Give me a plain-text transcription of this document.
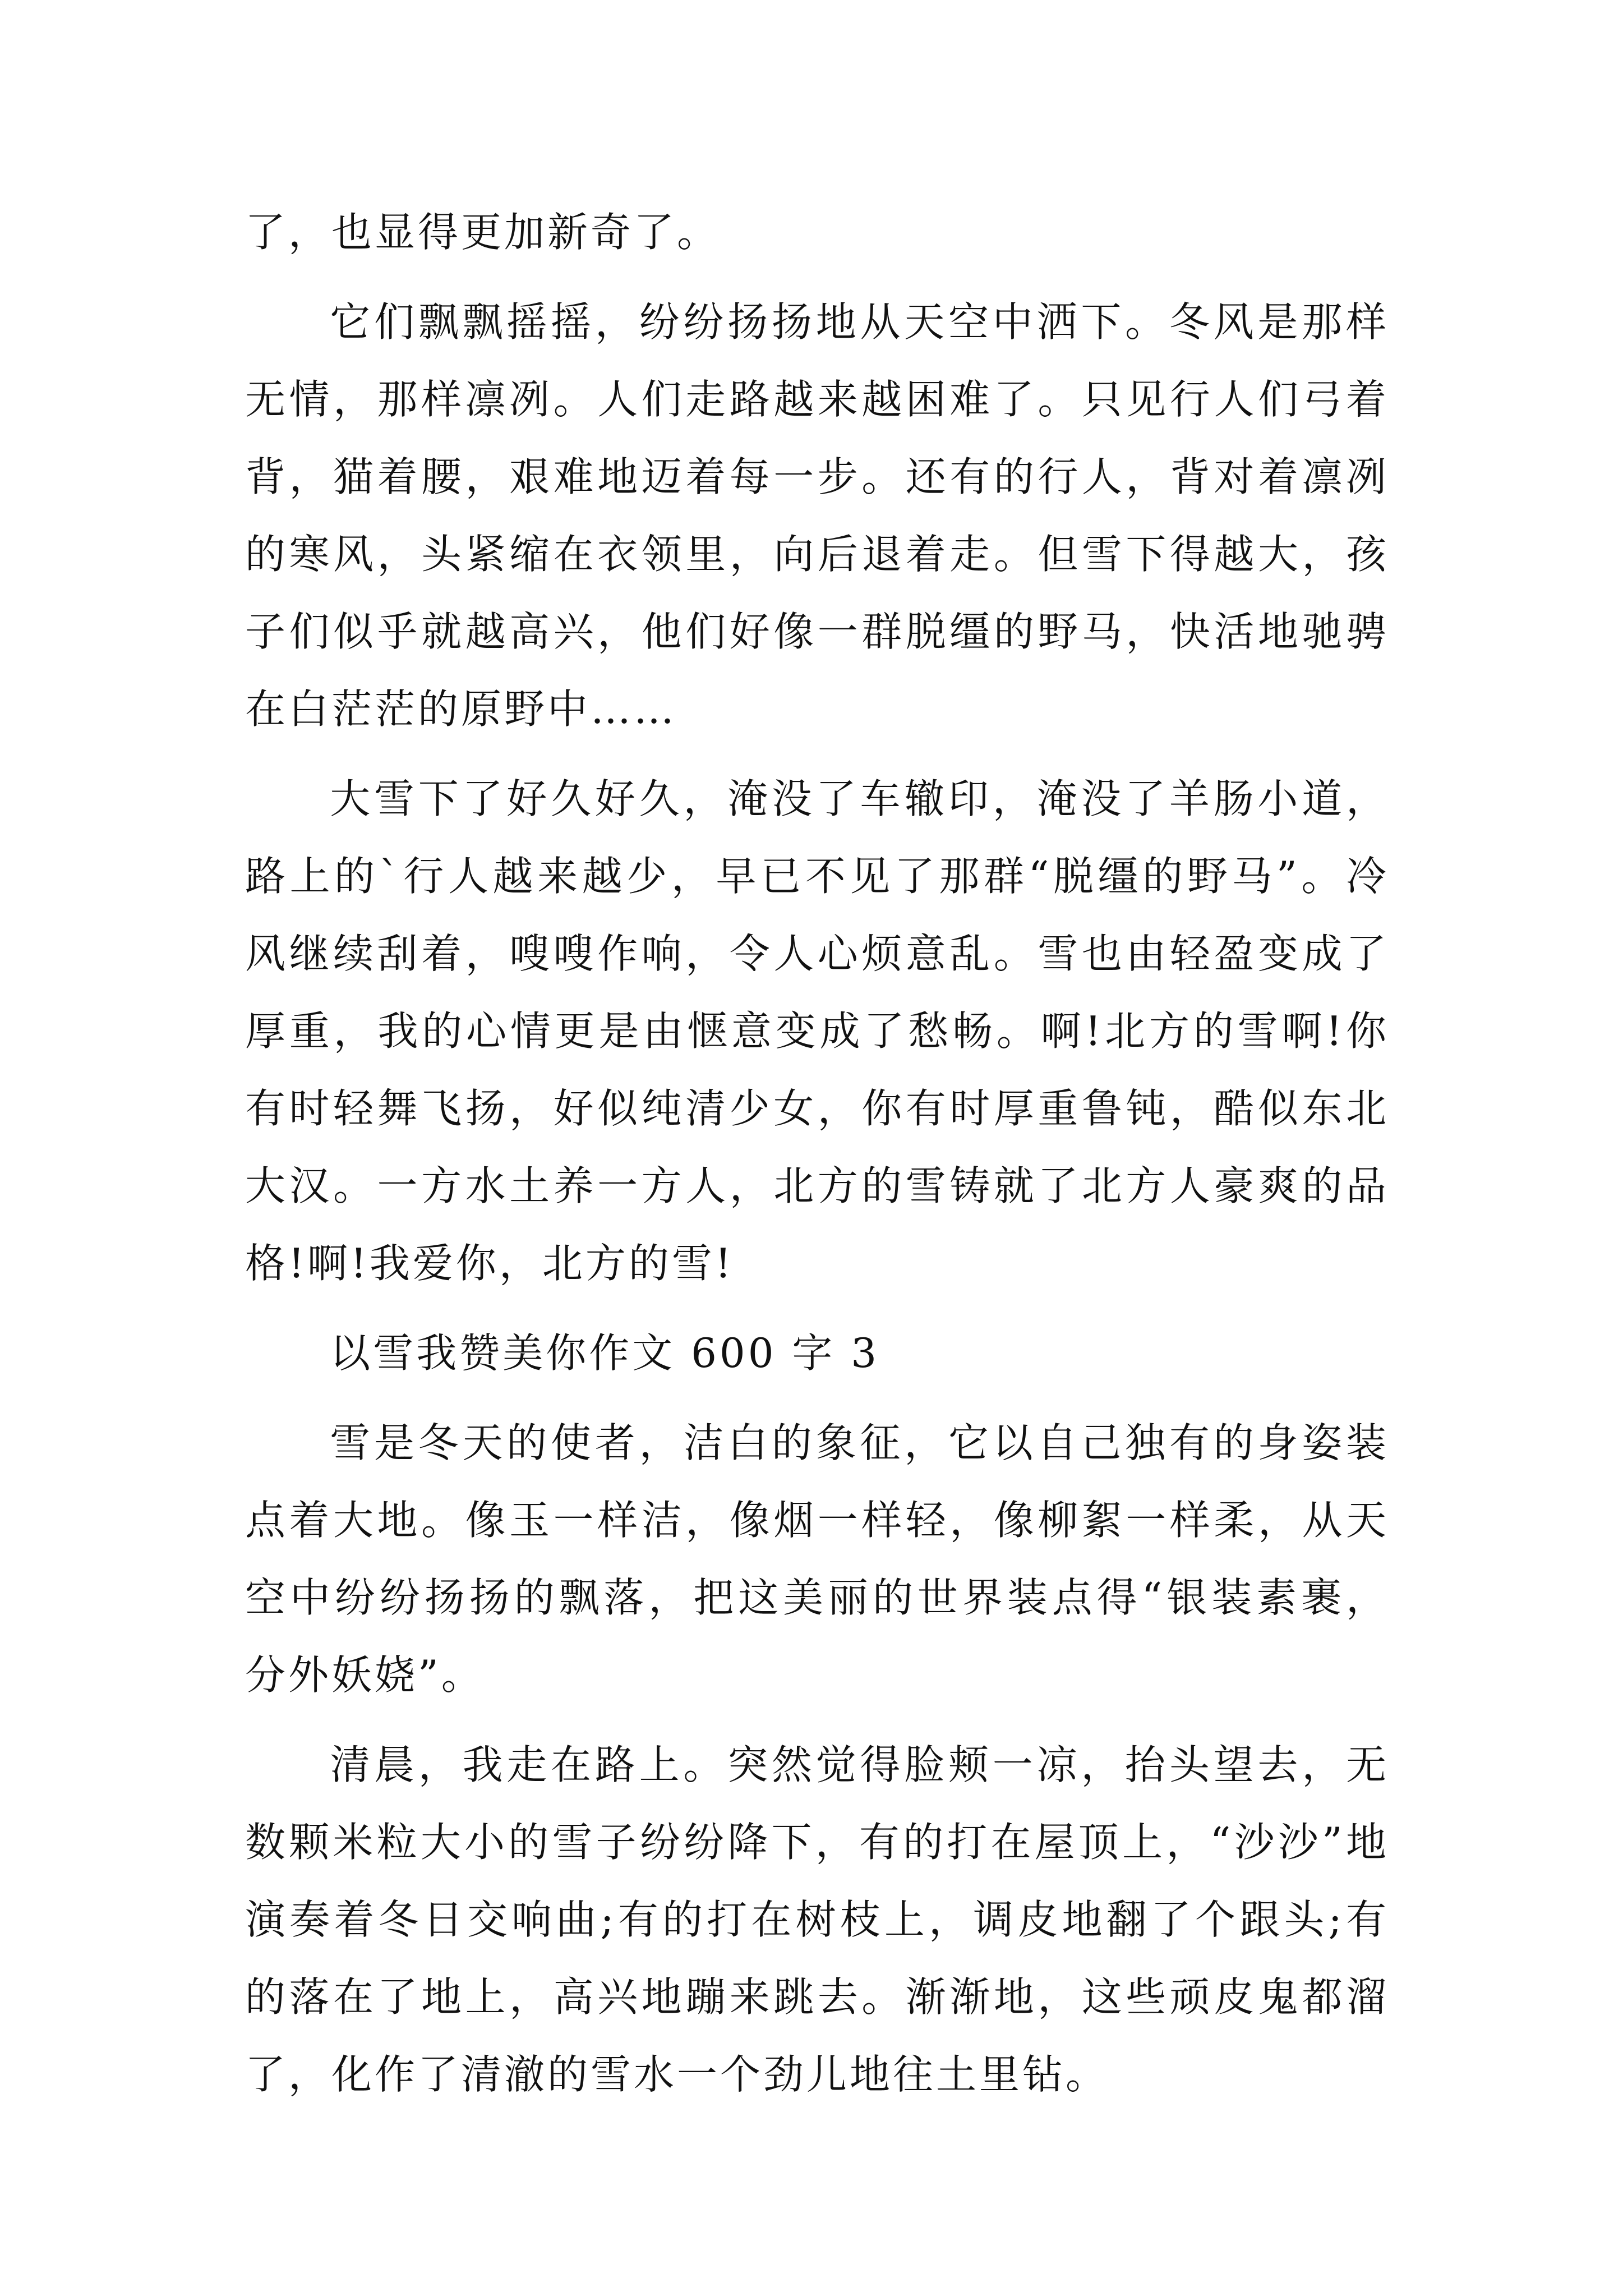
了，也显得更加新奇了。

它们飘飘摇摇，纷纷扬扬地从天空中洒下。冬风是那样无情，那样凛冽。人们走路越来越困难了。只见行人们弓着背，猫着腰，艰难地迈着每一步。还有的行人，背对着凛冽的寒风，头紧缩在衣领里，向后退着走。但雪下得越大，孩子们似乎就越高兴，他们好像一群脱缰的野马，快活地驰骋在白茫茫的原野中……

大雪下了好久好久，淹没了车辙印，淹没了羊肠小道，路上的`行人越来越少，早已不见了那群“脱缰的野马”。冷风继续刮着，嗖嗖作响，令人心烦意乱。雪也由轻盈变成了厚重，我的心情更是由惬意变成了愁畅。啊!北方的雪啊!你有时轻舞飞扬，好似纯清少女，你有时厚重鲁钝，酷似东北大汉。一方水土养一方人，北方的雪铸就了北方人豪爽的品格!啊!我爱你，北方的雪!

以雪我赞美你作文 600 字 3

雪是冬天的使者，洁白的象征，它以自己独有的身姿装点着大地。像玉一样洁，像烟一样轻，像柳絮一样柔，从天空中纷纷扬扬的飘落，把这美丽的世界装点得“银装素裹，分外妖娆”。

清晨，我走在路上。突然觉得脸颊一凉，抬头望去，无数颗米粒大小的雪子纷纷降下，有的打在屋顶上，“沙沙”地演奏着冬日交响曲;有的打在树枝上，调皮地翻了个跟头;有的落在了地上，高兴地蹦来跳去。渐渐地，这些顽皮鬼都溜了，化作了清澈的雪水一个劲儿地往土里钻。
